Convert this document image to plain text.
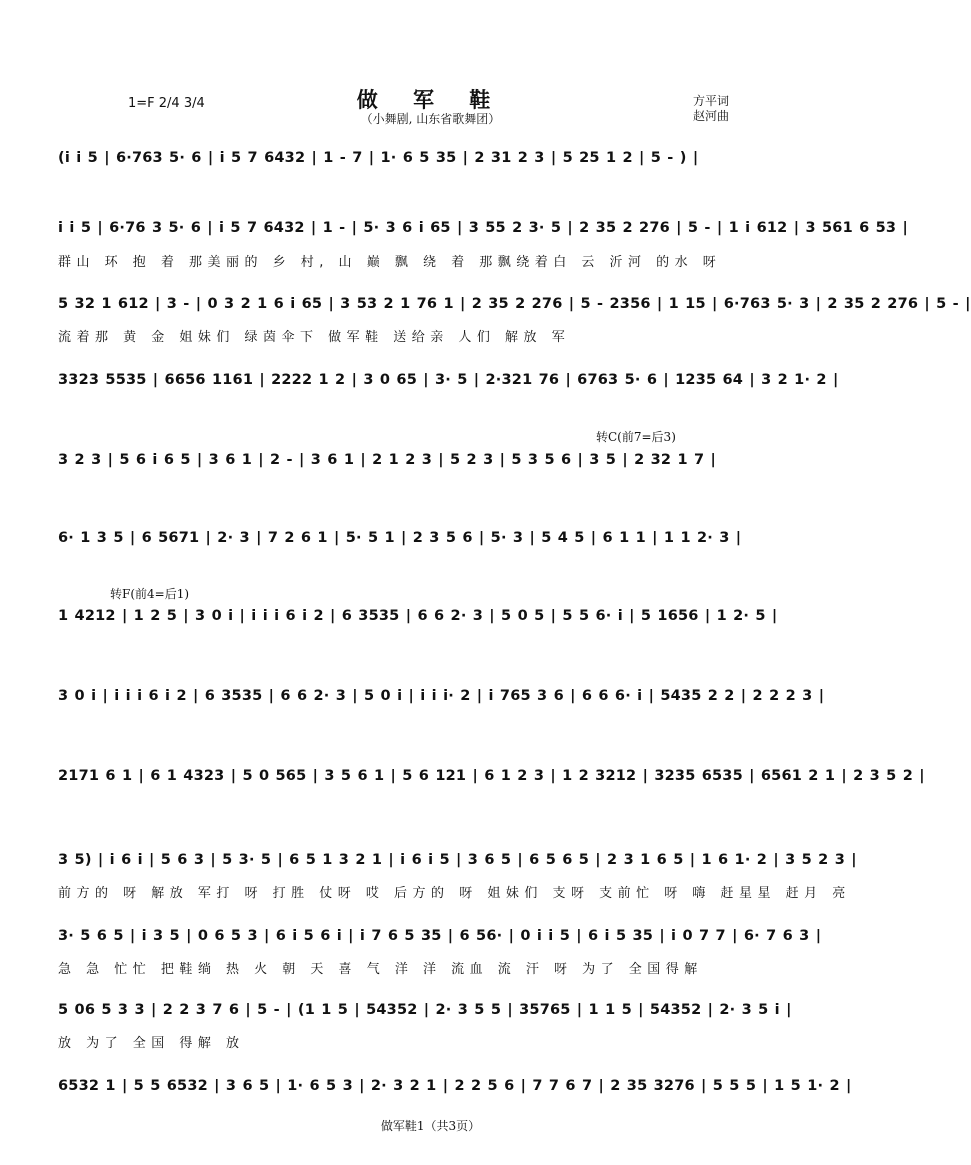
做 军 鞋
（小舞剧, 山东省歌舞团）
1=F 2/4 3/4	方平词
赵河曲
(i i 5 | 6·763 5· 6 | i 5 7 6432 | 1 - 7 | 1· 6 5 35 | 2 31 2 3 | 5 25 1 2 | 5 - ) |
i i 5 | 6·76 3 5· 6 | i 5 7 6432 | 1 - | 5· 3 6 i 65 | 3 55 2 3· 5 | 2 35 2 276 | 5 - | 1 i 612 | 3 561 6 53 |
群山 环 抱 着 那美丽的 乡 村, 山 巅 飘 绕 着 那飘绕着白 云 沂河 的水 呀
5 32 1 612 | 3 - | 0 3 2 1 6 i 65 | 3 53 2 1 76 1 | 2 35 2 276 | 5 - 2356 | 1 15 | 6·763 5· 3 | 2 35 2 276 | 5 - |
流着那 黄 金 姐妹们 绿茵伞下 做军鞋 送给亲 人们 解放 军
3323 5535 | 6656 1161 | 2222 1 2 | 3 0 65 | 3· 5 | 2·321 76 | 6763 5· 6 | 1235 64 | 3 2 1· 2 |
转C(前7=后3)
3 2 3 | 5 6 i 6 5 | 3 6 1 | 2 - | 3 6 1 | 2 1 2 3 | 5 2 3 | 5 3 5 6 | 3 5 | 2 32 1 7 |
6· 1 3 5 | 6 5671 | 2· 3 | 7 2 6 1 | 5· 5 1 | 2 3 5 6 | 5· 3 | 5 4 5 | 6 1 1 | 1 1 2· 3 |
转F(前4=后1)
1 4212 | 1 2 5 | 3 0 i | i i i 6 i 2 | 6 3535 | 6 6 2· 3 | 5 0 5 | 5 5 6· i | 5 1656 | 1 2· 5 |
3 0 i | i i i 6 i 2 | 6 3535 | 6 6 2· 3 | 5 0 i | i i i· 2 | i 765 3 6 | 6 6 6· i | 5435 2 2 | 2 2 2 3 |
2171 6 1 | 6 1 4323 | 5 0 565 | 3 5 6 1 | 5 6 121 | 6 1 2 3 | 1 2 3212 | 3235 6535 | 6561 2 1 | 2 3 5 2 |
3 5) | i 6 i | 5 6 3 | 5 3· 5 | 6 5 1 3 2 1 | i 6 i 5 | 3 6 5 | 6 5 6 5 | 2 3 1 6 5 | 1 6 1· 2 | 3 5 2 3 |
前方的 呀 解放 军打 呀 打胜 仗呀 哎 后方的 呀 姐妹们 支呀 支前忙 呀 嗨 赶星星 赶月 亮
3· 5 6 5 | i 3 5 | 0 6 5 3 | 6 i 5 6 i | i 7 6 5 35 | 6 56· | 0 i i 5 | 6 i 5 35 | i 0 7 7 | 6· 7 6 3 |
急 急 忙忙 把鞋绱 热 火 朝 天 喜 气 洋 洋 流血 流 汗 呀 为了 全国得解
5 06 5 3 3 | 2 2 3 7 6 | 5 - | (1 1 5 | 54352 | 2· 3 5 5 | 35765 | 1 1 5 | 54352 | 2· 3 5 i |
放 为了 全国 得解 放
6532 1 | 5 5 6532 | 3 6 5 | 1· 6 5 3 | 2· 3 2 1 | 2 2 5 6 | 7 7 6 7 | 2 35 3276 | 5 5 5 | 1 5 1· 2 |
做军鞋1（共3页）
